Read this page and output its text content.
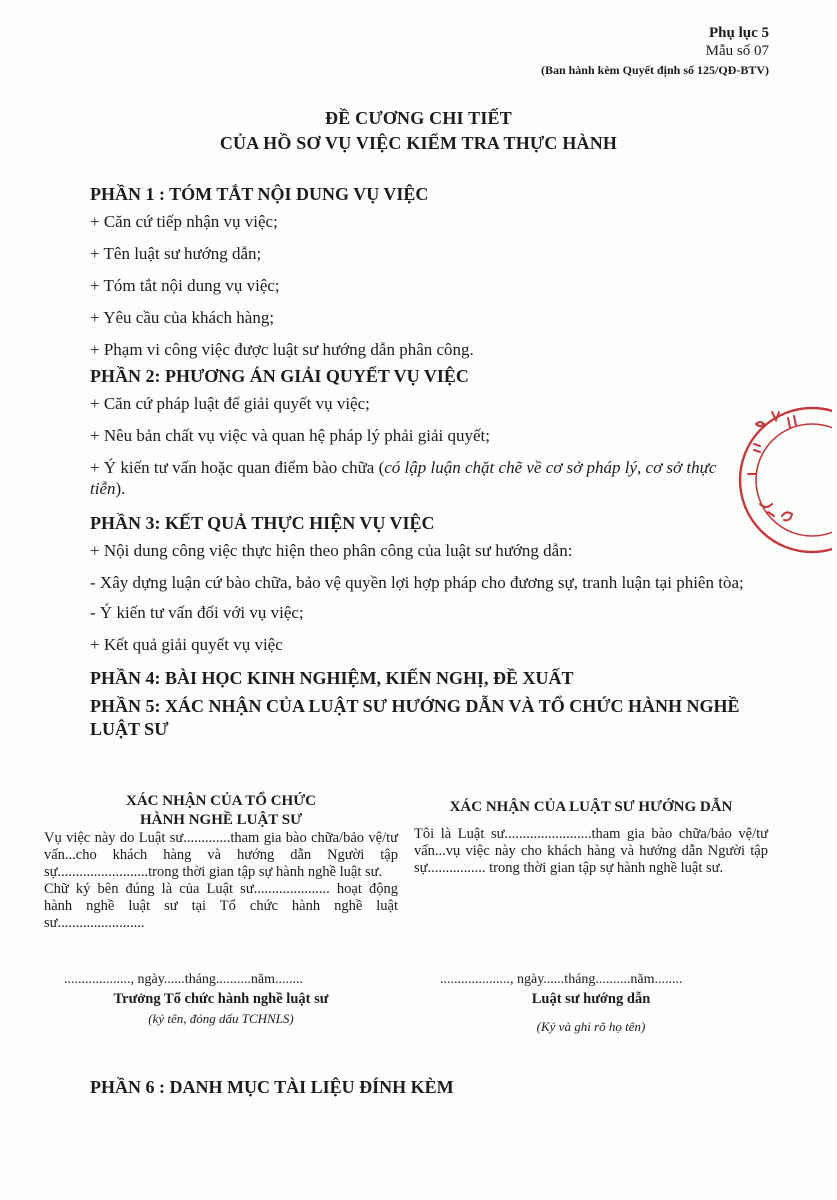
Phụ lục 5
Mẫu số 07
(Ban hành kèm Quyết định số 125/QĐ-BTV)
ĐỀ CƯƠNG CHI TIẾT
CỦA HỒ SƠ VỤ VIỆC KIỂM TRA THỰC HÀNH
PHẦN 1 : TÓM TẮT NỘI DUNG VỤ VIỆC
+ Căn cứ tiếp nhận vụ việc;
+ Tên luật sư hướng dẫn;
+ Tóm tắt nội dung vụ việc;
+ Yêu cầu của khách hàng;
+ Phạm vi công việc được luật sư hướng dẫn phân công.
PHẦN 2: PHƯƠNG ÁN GIẢI QUYẾT VỤ VIỆC
+ Căn cứ pháp luật để giải quyết vụ việc;
+ Nêu bản chất vụ việc và quan hệ pháp lý phải giải quyết;
+ Ý kiến tư vấn hoặc quan điểm bào chữa (có lập luận chặt chẽ về cơ sở pháp lý, cơ sở thực tiễn).
PHẦN 3: KẾT QUẢ THỰC HIỆN VỤ VIỆC
+ Nội dung công việc thực hiện theo phân công của luật sư hướng dẫn:
- Xây dựng luận cứ bào chữa, bảo vệ quyền lợi hợp pháp cho đương sự, tranh luận tại phiên tòa;
- Ý kiến tư vấn đối với vụ việc;
+ Kết quả giải quyết vụ việc
PHẦN 4: BÀI HỌC KINH NGHIỆM, KIẾN NGHỊ, ĐỀ XUẤT
PHẦN 5: XÁC NHẬN CỦA LUẬT SƯ HƯỚNG DẪN VÀ TỔ CHỨC HÀNH NGHỀ LUẬT SƯ
XÁC NHẬN CỦA TỔ CHỨC
HÀNH NGHỀ LUẬT SƯ

Vụ việc này do Luật sư.............tham gia bào chữa/bảo vệ/tư vấn...cho khách hàng và hướng dẫn Người tập sự.........................trong thời gian tập sự hành nghề luật sư.

Chữ ký bên đúng là của Luật sư..................... hoạt động hành nghề luật sư tại Tổ chức hành nghề luật sư........................

XÁC NHẬN CỦA LUẬT SƯ HƯỚNG DẪN

Tôi là Luật sư........................tham gia bào chữa/bảo vệ/tư vấn...vụ việc này cho khách hàng và hướng dẫn Người tập sự................ trong thời gian tập sự hành nghề luật sư.

..................., ngày......tháng..........năm........
Trưởng Tổ chức hành nghề luật sư
(ký tên, đóng dấu TCHNLS)
...................., ngày......tháng..........năm........
Luật sư hướng dẫn
(Ký và ghi rõ họ tên)
PHẦN 6 : DANH MỤC TÀI LIỆU ĐÍNH KÈM
